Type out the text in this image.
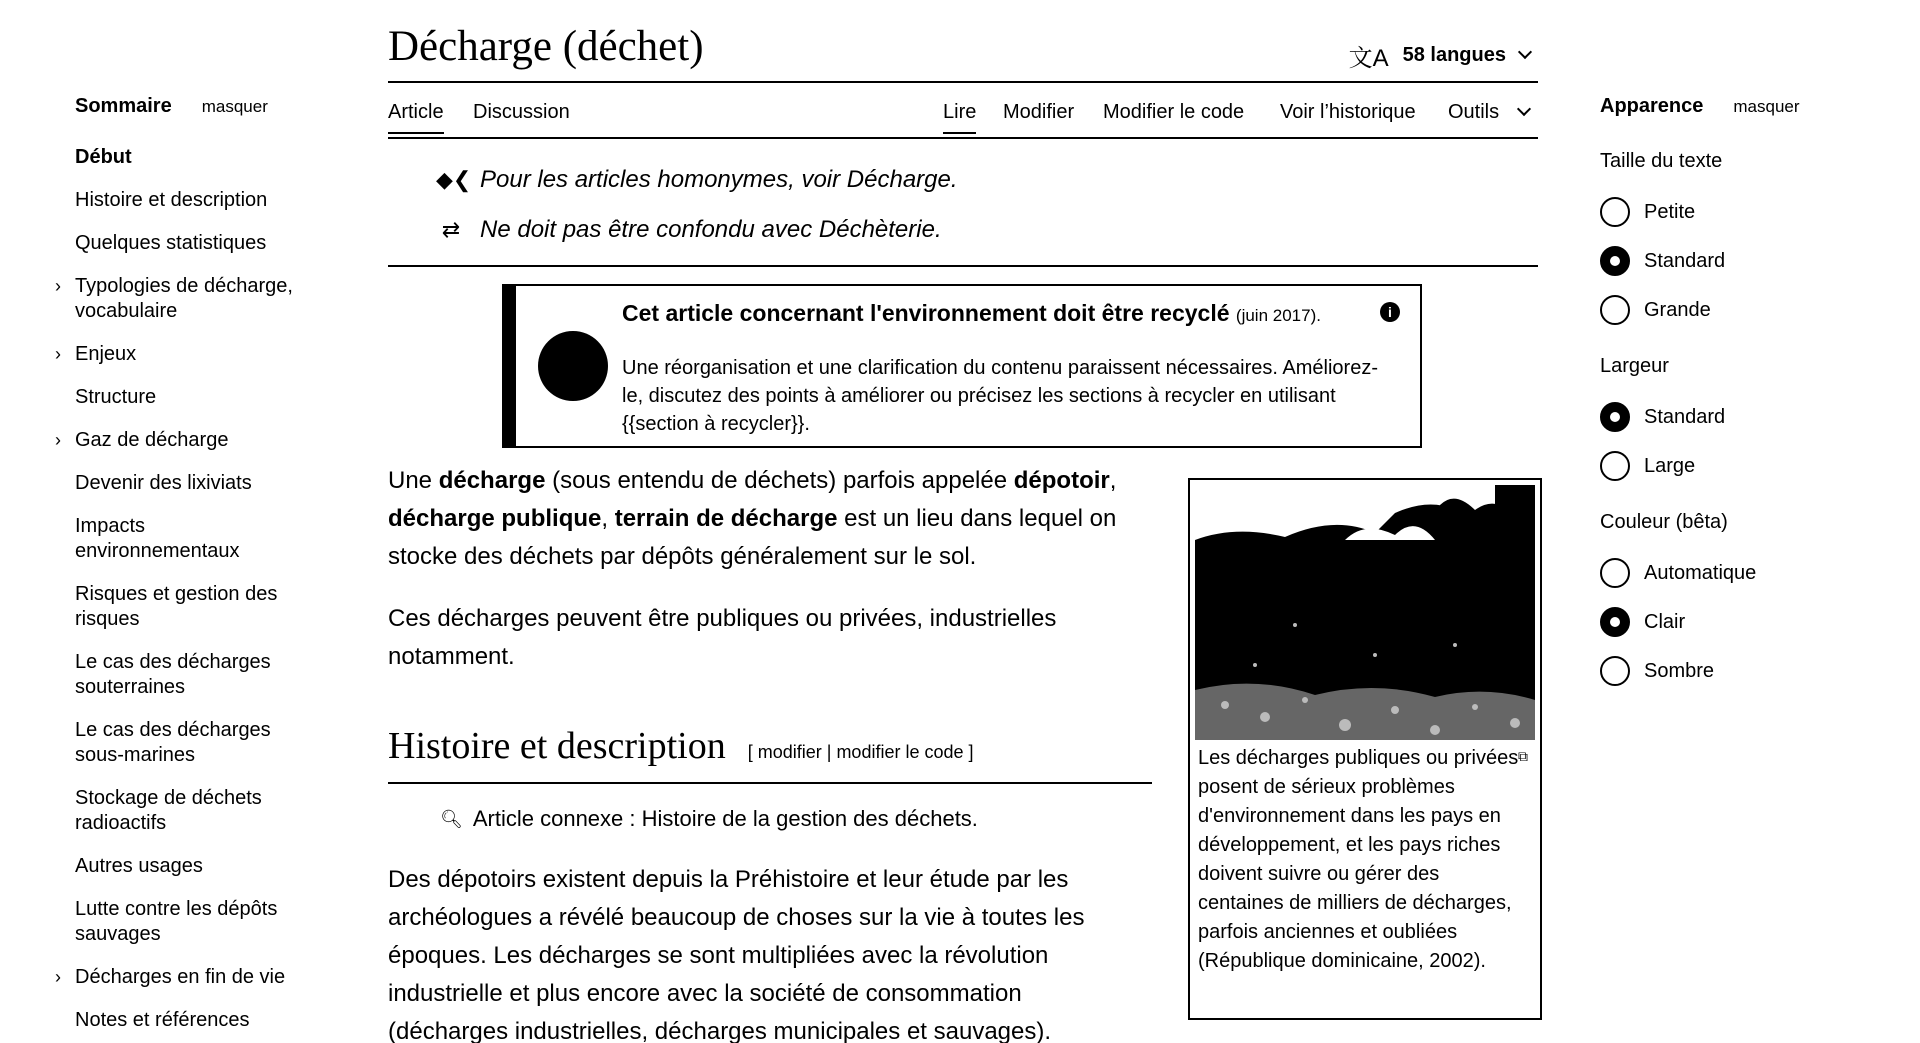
Sommaire masquer
Début
Histoire et description
Quelques statistiques
› Typologies de décharge, vocabulaire
› Enjeux
Structure
› Gaz de décharge
Devenir des lixiviats
Impacts environnementaux
Risques et gestion des risques
Le cas des décharges souterraines
Le cas des décharges sous-marines
Stockage de déchets radioactifs
Autres usages
Lutte contre les dépôts sauvages
› Décharges en fin de vie
Notes et références
Décharge (déchet)	文A 58 langues
Article Discussion	Lire Modifier Modifier le code Voir l’historique Outils
◆⁠❮ Pour les articles homonymes, voir Décharge.
⇄ Ne doit pas être confondu avec Déchèterie.
Cet article concernant l'environnement doit être recyclé (juin 2017).	i
Une réorganisation et une clarification du contenu paraissent nécessaires. Améliorez-le, discutez des points à améliorer ou précisez les sections à recycler en utilisant {{section à recycler}}.

Une décharge (sous entendu de déchets) parfois appelée dépotoir, décharge publique, terrain de décharge est un lieu dans lequel on stocke des déchets par dépôts généralement sur le sol.

Ces décharges peuvent être publiques ou privées, industrielles notamment.

Histoire et description [ modifier | modifier le code ]
🔍︎ Article connexe : Histoire de la gestion des déchets.

Des dépotoirs existent depuis la Préhistoire et leur étude par les archéologues a révélé beaucoup de choses sur la vie à toutes les époques. Les décharges se sont multipliées avec la révolution industrielle et plus encore avec la société de consommation (décharges industrielles, décharges municipales et sauvages).

⧉
Les décharges publiques ou privées posent de sérieux problèmes d'environnement dans les pays en développement, et les pays riches doivent suivre ou gérer des centaines de milliers de décharges, parfois anciennes et oubliées (République dominicaine, 2002).
Apparence masquer
Taille du texte
Petite
Standard
Grande
Largeur
Standard
Large
Couleur (bêta)
Automatique
Clair
Sombre
